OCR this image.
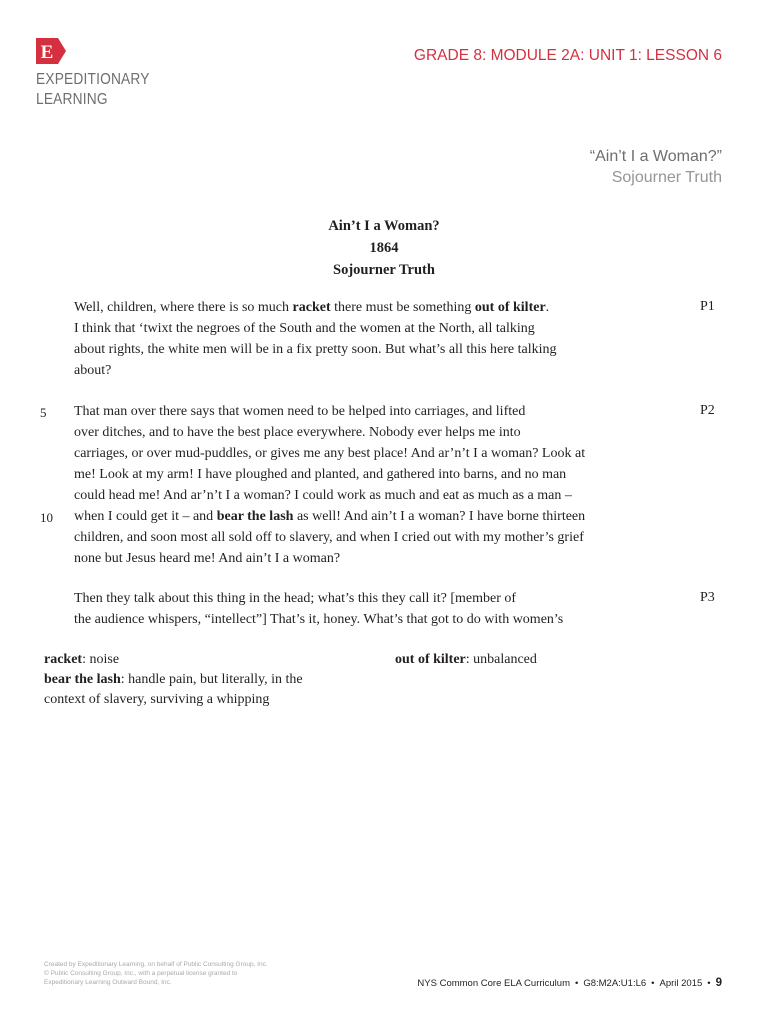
E
EXPEDITIONARY
LEARNING
GRADE 8: MODULE 2A: UNIT 1: LESSON 6
“Ain’t I a Woman?”
Sojourner Truth
Ain’t I a Woman?
1864
Sojourner Truth
Well, children, where there is so much racket there must be something out of kilter.
I think that ‘twixt the negroes of the South and the women at the North, all talking
about rights, the white men will be in a fix pretty soon. But what’s all this here talking
about?
P1
That man over there says that women need to be helped into carriages, and lifted
over ditches, and to have the best place everywhere. Nobody ever helps me into
carriages, or over mud-puddles, or gives me any best place! And ar’n’t I a woman? Look at
me! Look at my arm! I have ploughed and planted, and gathered into barns, and no man
could head me! And ar’n’t I a woman? I could work as much and eat as much as a man –
when I could get it – and bear the lash as well! And ain’t I a woman? I have borne thirteen
children, and soon most all sold off to slavery, and when I cried out with my mother’s grief
none but Jesus heard me! And ain’t I a woman?
P2
Then they talk about this thing in the head; what’s this they call it? [member of
the audience whispers, “intellect”] That’s it, honey. What’s that got to do with women’s
P3
5
10
racket: noise
bear the lash: handle pain, but literally, in the
context of slavery, surviving a whipping
out of kilter: unbalanced
Created by Expeditionary Learning, on behalf of Public Consulting Group, Inc.
© Public Consulting Group, Inc., with a perpetual license granted to
Expeditionary Learning Outward Bound, Inc.	NYS Common Core ELA Curriculum • G8:M2A:U1:L6 • April 2015 • 9
